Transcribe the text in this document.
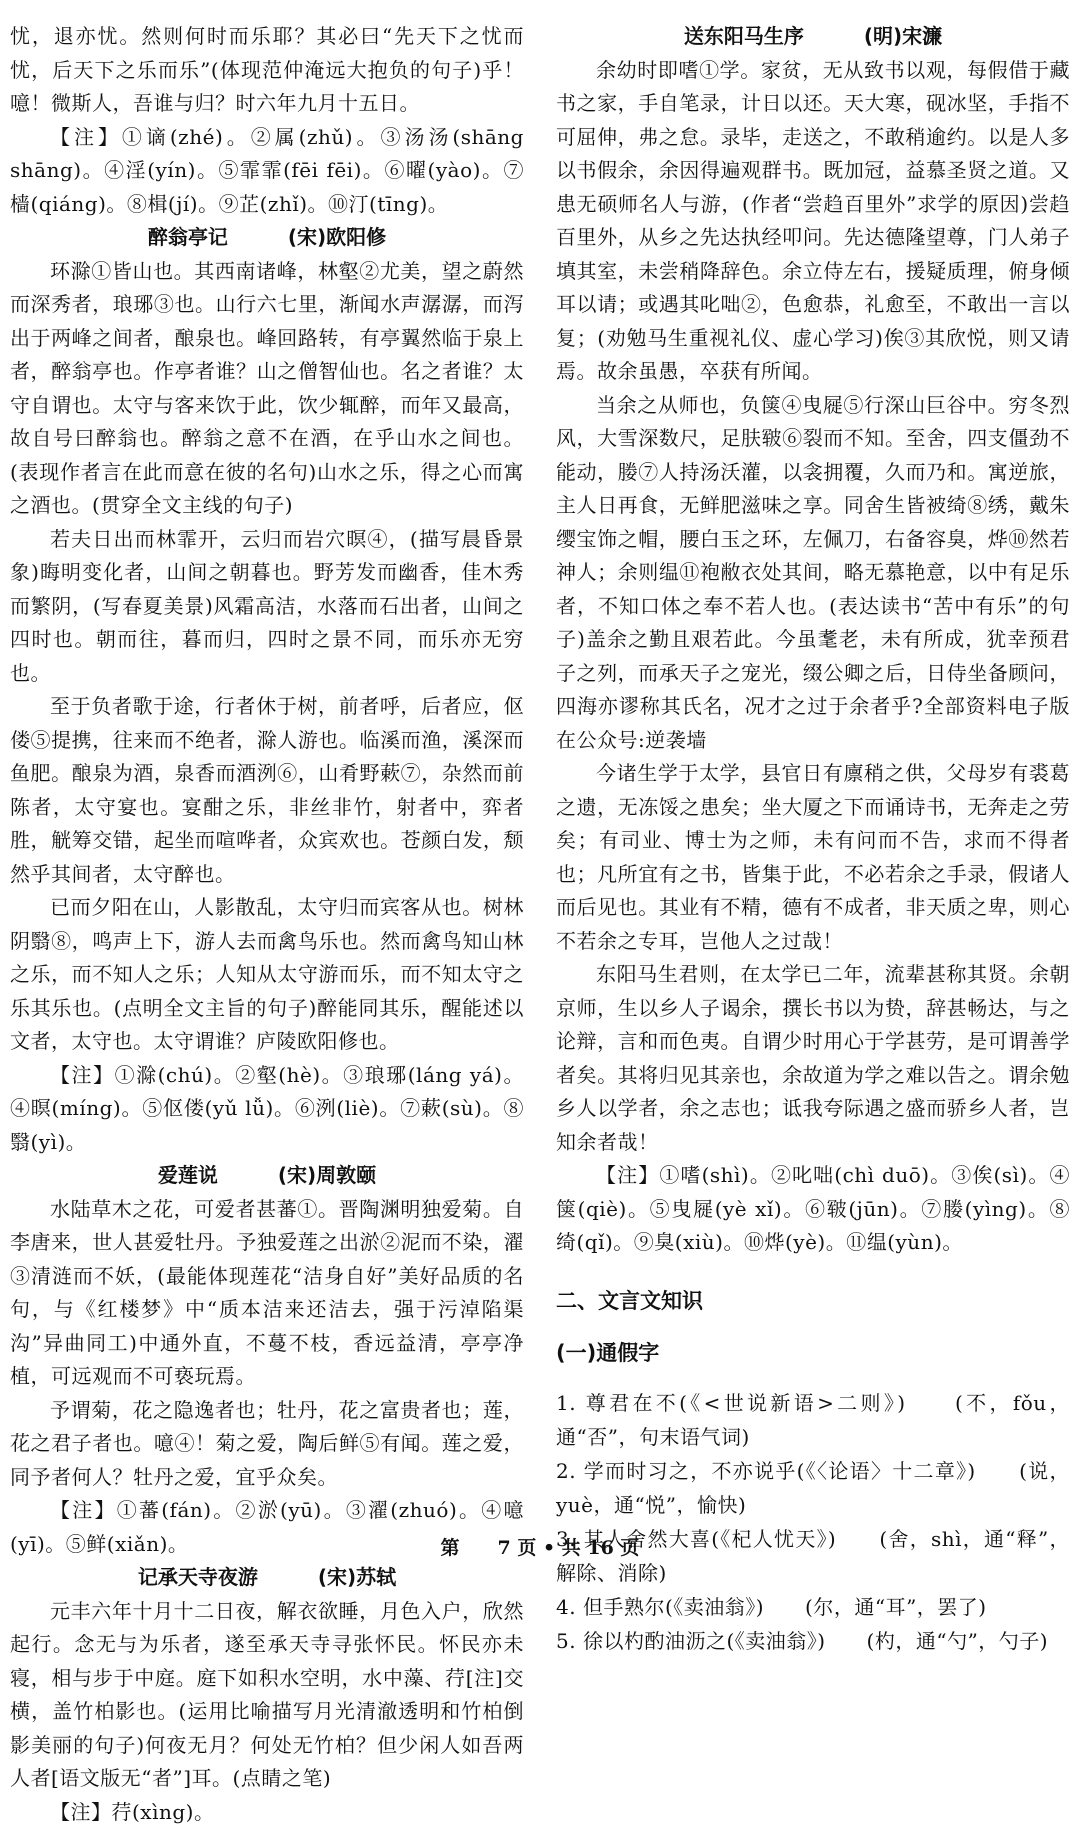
忧，退亦忧。然则何时而乐耶？其必曰“先天下之忧而忧，后天下之乐而乐”(体现范仲淹远大抱负的句子)乎！噫！微斯人，吾谁与归？时六年九月十五日。

【注】①谪(zhé)。②属(zhǔ)。③汤汤(shāng shāng)。④淫(yín)。⑤霏霏(fēi fēi)。⑥曜(yào)。⑦樯(qiáng)。⑧楫(jí)。⑨芷(zhǐ)。⑩汀(tīng)。

醉翁亭记　　　(宋)欧阳修

环滁①皆山也。其西南诸峰，林壑②尤美，望之蔚然而深秀者，琅琊③也。山行六七里，渐闻水声潺潺，而泻出于两峰之间者，酿泉也。峰回路转，有亭翼然临于泉上者，醉翁亭也。作亭者谁？山之僧智仙也。名之者谁？太守自谓也。太守与客来饮于此，饮少辄醉，而年又最高，故自号曰醉翁也。醉翁之意不在酒，在乎山水之间也。(表现作者言在此而意在彼的名句)山水之乐，得之心而寓之酒也。(贯穿全文主线的句子)

若夫日出而林霏开，云归而岩穴暝④，(描写晨昏景象)晦明变化者，山间之朝暮也。野芳发而幽香，佳木秀而繁阴，(写春夏美景)风霜高洁，水落而石出者，山间之四时也。朝而往，暮而归，四时之景不同，而乐亦无穷也。

至于负者歌于途，行者休于树，前者呼，后者应，伛偻⑤提携，往来而不绝者，滁人游也。临溪而渔，溪深而鱼肥。酿泉为酒，泉香而酒洌⑥，山肴野蔌⑦，杂然而前陈者，太守宴也。宴酣之乐，非丝非竹，射者中，弈者胜，觥筹交错，起坐而喧哗者，众宾欢也。苍颜白发，颓然乎其间者，太守醉也。

已而夕阳在山，人影散乱，太守归而宾客从也。树林阴翳⑧，鸣声上下，游人去而禽鸟乐也。然而禽鸟知山林之乐，而不知人之乐；人知从太守游而乐，而不知太守之乐其乐也。(点明全文主旨的句子)醉能同其乐，醒能述以文者，太守也。太守谓谁？庐陵欧阳修也。

【注】①滁(chú)。②壑(hè)。③琅琊(láng yá)。④暝(míng)。⑤伛偻(yǔ lǚ)。⑥洌(liè)。⑦蔌(sù)。⑧翳(yì)。

爱莲说　　　(宋)周敦颐

水陆草木之花，可爱者甚蕃①。晋陶渊明独爱菊。自李唐来，世人甚爱牡丹。予独爱莲之出淤②泥而不染，濯③清涟而不妖，(最能体现莲花“洁身自好”美好品质的名句，与《红楼梦》中“质本洁来还洁去，强于污淖陷渠沟”异曲同工)中通外直，不蔓不枝，香远益清，亭亭净植，可远观而不可亵玩焉。

予谓菊，花之隐逸者也；牡丹，花之富贵者也；莲，花之君子者也。噫④！菊之爱，陶后鲜⑤有闻。莲之爱，同予者何人？牡丹之爱，宜乎众矣。

【注】①蕃(fán)。②淤(yū)。③濯(zhuó)。④噫(yī)。⑤鲜(xiǎn)。

记承天寺夜游　　　(宋)苏轼

元丰六年十月十二日夜，解衣欲睡，月色入户，欣然起行。念无与为乐者，遂至承天寺寻张怀民。怀民亦未寝，相与步于中庭。庭下如积水空明，水中藻、荇[注]交横，盖竹柏影也。(运用比喻描写月光清澈透明和竹柏倒影美丽的句子)何夜无月？何处无竹柏？但少闲人如吾两人者[语文版无“者”]耳。(点睛之笔)

【注】荇(xìng)。

送东阳马生序　　　(明)宋濂

余幼时即嗜①学。家贫，无从致书以观，每假借于藏书之家，手自笔录，计日以还。天大寒，砚冰坚，手指不可屈伸，弗之怠。录毕，走送之，不敢稍逾约。以是人多以书假余，余因得遍观群书。既加冠，益慕圣贤之道。又患无硕师名人与游，(作者“尝趋百里外”求学的原因)尝趋百里外，从乡之先达执经叩问。先达德隆望尊，门人弟子填其室，未尝稍降辞色。余立侍左右，援疑质理，俯身倾耳以请；或遇其叱咄②，色愈恭，礼愈至，不敢出一言以复；(劝勉马生重视礼仪、虚心学习)俟③其欣悦，则又请焉。故余虽愚，卒获有所闻。

当余之从师也，负箧④曳屣⑤行深山巨谷中。穷冬烈风，大雪深数尺，足肤皲⑥裂而不知。至舍，四支僵劲不能动，媵⑦人持汤沃灌，以衾拥覆，久而乃和。寓逆旅，主人日再食，无鲜肥滋味之享。同舍生皆被绮⑧绣，戴朱缨宝饰之帽，腰白玉之环，左佩刀，右备容臭，烨⑩然若神人；余则缊⑪袍敝衣处其间，略无慕艳意，以中有足乐者，不知口体之奉不若人也。(表达读书“苦中有乐”的句子)盖余之勤且艰若此。今虽耄老，未有所成，犹幸预君子之列，而承天子之宠光，缀公卿之后，日侍坐备顾问，四海亦谬称其氏名，况才之过于余者乎?全部资料电子版在公众号:逆袭墙

今诸生学于太学，县官日有廪稍之供，父母岁有裘葛之遗，无冻馁之患矣；坐大厦之下而诵诗书，无奔走之劳矣；有司业、博士为之师，未有问而不告，求而不得者也；凡所宜有之书，皆集于此，不必若余之手录，假诸人而后见也。其业有不精，德有不成者，非天质之卑，则心不若余之专耳，岂他人之过哉！

东阳马生君则，在太学已二年，流辈甚称其贤。余朝京师，生以乡人子谒余，撰长书以为贽，辞甚畅达，与之论辩，言和而色夷。自谓少时用心于学甚劳，是可谓善学者矣。其将归见其亲也，余故道为学之难以告之。谓余勉乡人以学者，余之志也；诋我夸际遇之盛而骄乡人者，岂知余者哉！

【注】①嗜(shì)。②叱咄(chì duō)。③俟(sì)。④箧(qiè)。⑤曳屣(yè xǐ)。⑥皲(jūn)。⑦媵(yìng)。⑧绮(qǐ)。⑨臭(xiù)。⑩烨(yè)。⑪缊(yùn)。

二、文言文知识
(一)通假字

1. 尊君在不(《<世说新语>二则》)　　(不，fǒu，通“否”，句末语气词)

2. 学而时习之，不亦说乎(《〈论语〉十二章》)　　(说，yuè，通“悦”，愉快)

3. 其人舍然大喜(《杞人忧天》)　　(舍，shì，通“释”，解除、消除)

4. 但手熟尔(《卖油翁》)　　(尔，通“耳”，罢了)

5. 徐以杓酌油沥之(《卖油翁》)　　(杓，通“勺”，勺子)

第　　7 页 • 共 16 页
